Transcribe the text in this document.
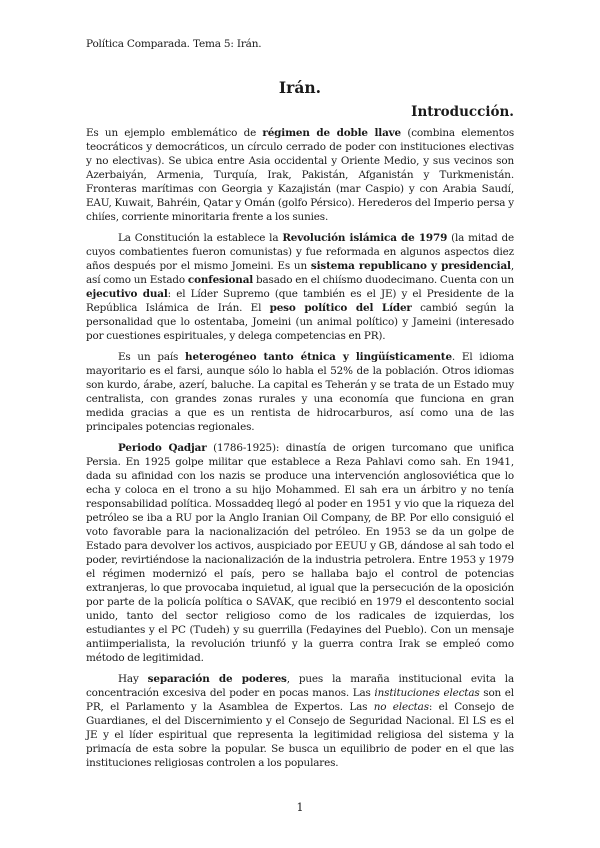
Política Comparada. Tema 5: Irán.
Irán.
Introducción.

Es un ejemplo emblemático de régimen de doble llave (combina elementos teocráticos y democráticos, un círculo cerrado de poder con instituciones electivas y no electivas). Se ubica entre Asia occidental y Oriente Medio, y sus vecinos son Azerbaiyán, Armenia, Turquía, Irak, Pakistán, Afganistán y Turkmenistán. Fronteras marítimas con Georgia y Kazajistán (mar Caspio) y con Arabia Saudí, EAU, Kuwait, Bahréin, Qatar y Omán (golfo Pérsico). Herederos del Imperio persa y chiíes, corriente minoritaria frente a los sunies.

La Constitución la establece la Revolución islámica de 1979 (la mitad de cuyos combatientes fueron comunistas) y fue reformada en algunos aspectos diez años después por el mismo Jomeini. Es un sistema republicano y presidencial, así como un Estado confesional basado en el chiísmo duodecimano. Cuenta con un ejecutivo dual: el Líder Supremo (que también es el JE) y el Presidente de la República Islámica de Irán. El peso político del Líder cambió según la personalidad que lo ostentaba, Jomeini (un animal político) y Jameini (interesado por cuestiones espirituales, y delega competencias en PR).

Es un país heterogéneo tanto étnica y lingüísticamente. El idioma mayoritario es el farsi, aunque sólo lo habla el 52% de la población. Otros idiomas son kurdo, árabe, azerí, baluche. La capital es Teherán y se trata de un Estado muy centralista, con grandes zonas rurales y una economía que funciona en gran medida gracias a que es un rentista de hidrocarburos, así como una de las principales potencias regionales.

Periodo Qadjar (1786-1925): dinastía de origen turcomano que unifica Persia. En 1925 golpe militar que establece a Reza Pahlavi como sah. En 1941, dada su afinidad con los nazis se produce una intervención anglosoviética que lo echa y coloca en el trono a su hijo Mohammed. El sah era un árbitro y no tenía responsabilidad política. Mossaddeq llegó al poder en 1951 y vio que la riqueza del petróleo se iba a RU por la Anglo Iranian Oil Company, de BP. Por ello consiguió el voto favorable para la nacionalización del petróleo. En 1953 se da un golpe de Estado para devolver los activos, auspiciado por EEUU y GB, dándose al sah todo el poder, revirtiéndose la nacionalización de la industria petrolera. Entre 1953 y 1979 el régimen modernizó el país, pero se hallaba bajo el control de potencias extranjeras, lo que provocaba inquietud, al igual que la persecución de la oposición por parte de la policía política o SAVAK, que recibió en 1979 el descontento social unido, tanto del sector religioso como de los radicales de izquierdas, los estudiantes y el PC (Tudeh) y su guerrilla (Fedayines del Pueblo). Con un mensaje antiimperialista, la revolución triunfó y la guerra contra Irak se empleó como método de legitimidad.

Hay separación de poderes, pues la maraña institucional evita la concentración excesiva del poder en pocas manos. Las instituciones electas son el PR, el Parlamento y la Asamblea de Expertos. Las no electas: el Consejo de Guardianes, el del Discernimiento y el Consejo de Seguridad Nacional. El LS es el JE y el líder espiritual que representa la legitimidad religiosa del sistema y la primacía de esta sobre la popular. Se busca un equilibrio de poder en el que las instituciones religiosas controlen a los populares.

1
